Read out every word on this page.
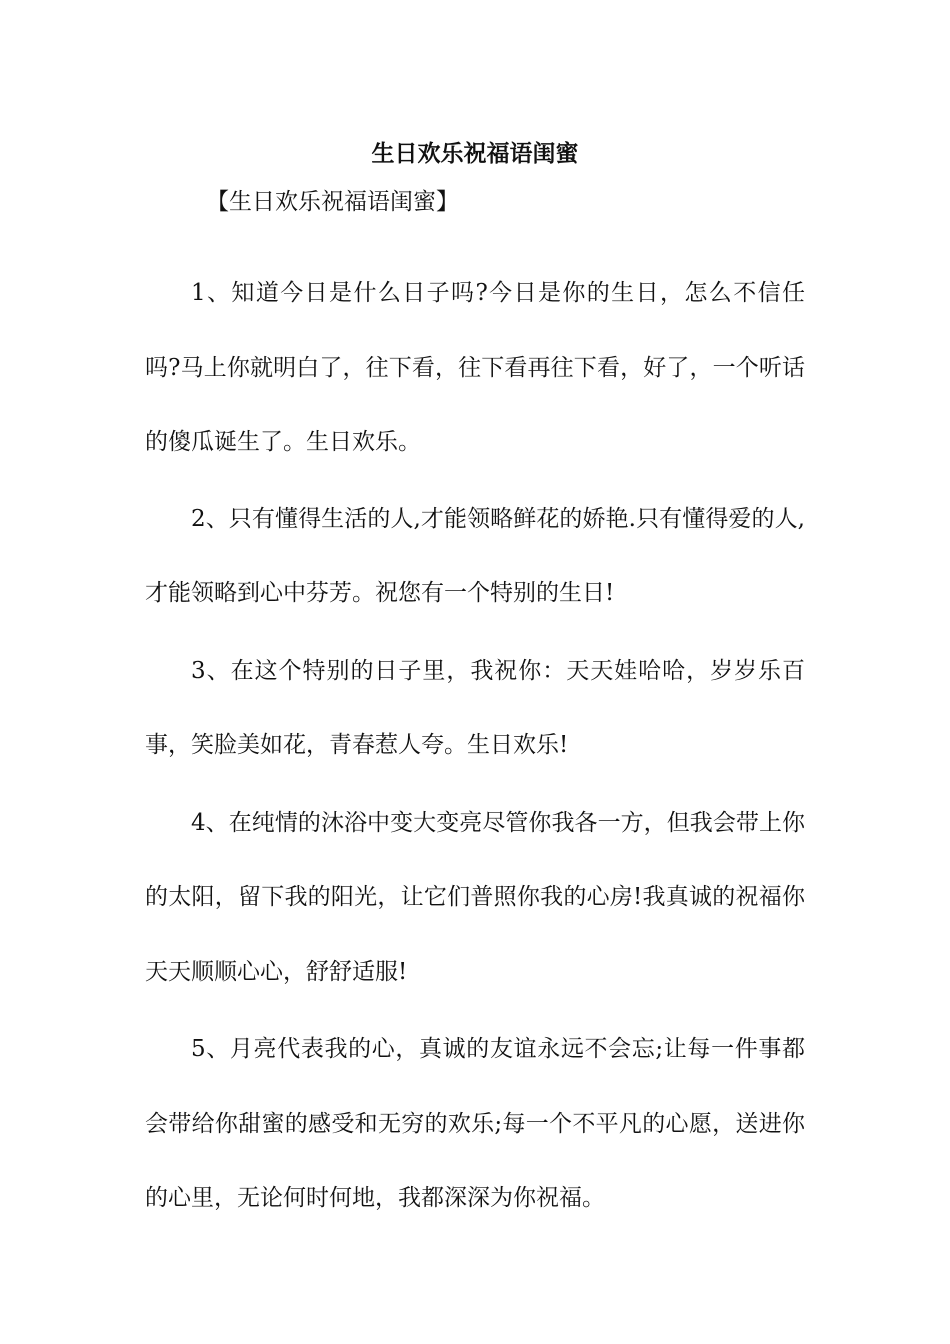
生日欢乐祝福语闺蜜

【生日欢乐祝福语闺蜜】

1、知道今日是什么日子吗?今日是你的生日，怎么不信任吗?马上你就明白了，往下看，往下看再往下看，好了，一个听话的傻瓜诞生了。生日欢乐。

2、只有懂得生活的人,才能领略鲜花的娇艳.只有懂得爱的人,才能领略到心中芬芳。祝您有一个特别的生日!

3、在这个特别的日子里，我祝你：天天娃哈哈，岁岁乐百事，笑脸美如花，青春惹人夸。生日欢乐!

4、在纯情的沐浴中变大变亮尽管你我各一方，但我会带上你的太阳，留下我的阳光，让它们普照你我的心房!我真诚的祝福你天天顺顺心心，舒舒适服!

5、月亮代表我的心，真诚的友谊永远不会忘;让每一件事都会带给你甜蜜的感受和无穷的欢乐;每一个不平凡的心愿，送进你的心里，无论何时何地，我都深深为你祝福。
